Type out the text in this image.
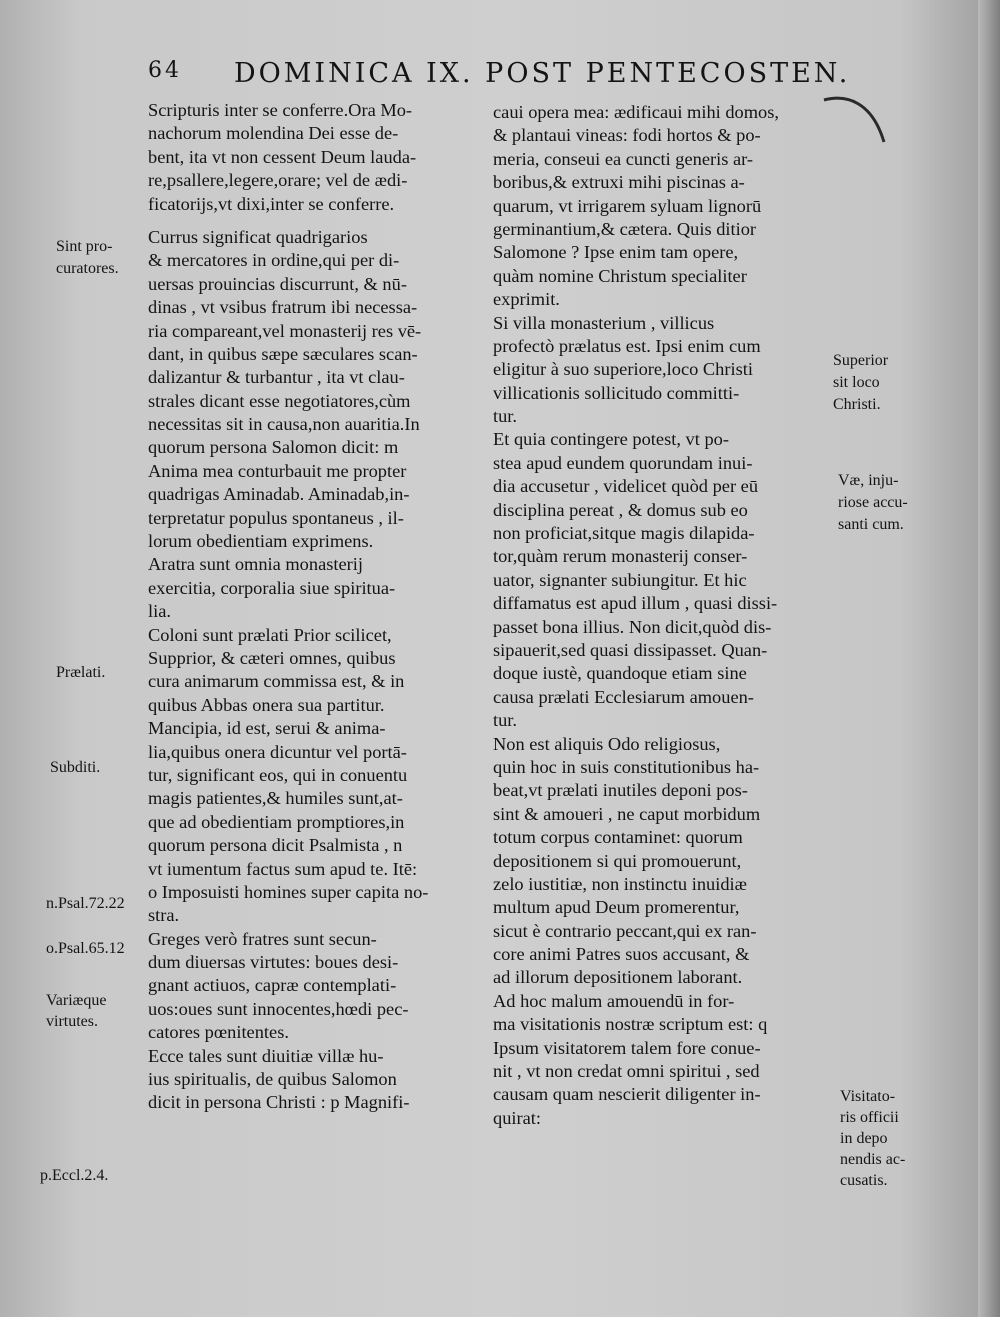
64 DOMINICA IX. POST PENTECOSTEN.
Scripturis inter se conferre.Ora Mo-
nachorum molendina Dei esse de-
bent, ita vt non cessent Deum lauda-
re,psallere,legere,orare; vel de ædi-
ficatorijs,vt dixi,inter se conferre.
Currus significat quadrigarios
& mercatores in ordine,qui per di-
uersas prouincias discurrunt, & nū-
dinas , vt vsibus fratrum ibi necessa-
ria compareant,vel monasterij res vē-
dant, in quibus sæpe sæculares scan-
dalizantur & turbantur , ita vt clau-
strales dicant esse negotiatores,cùm
necessitas sit in causa,non auaritia.In
quorum persona Salomon dicit: m
Anima mea conturbauit me propter
quadrigas Aminadab. Aminadab,in-
terpretatur populus spontaneus , il-
lorum obedientiam exprimens.
Aratra sunt omnia monasterij
exercitia, corporalia siue spiritua-
lia.
Coloni sunt prælati Prior scilicet,
Supprior, & cæteri omnes, quibus
cura animarum commissa est, & in
quibus Abbas onera sua partitur.
Mancipia, id est, serui & anima-
lia,quibus onera dicuntur vel portā-
tur, significant eos, qui in conuentu
magis patientes,& humiles sunt,at-
que ad obedientiam promptiores,in
quorum persona dicit Psalmista , n
vt iumentum factus sum apud te. Itē:
o Imposuisti homines super capita no-
stra.
Greges verò fratres sunt secun-
dum diuersas virtutes: boues desi-
gnant actiuos, capræ contemplati-
uos:oues sunt innocentes,hœdi pec-
catores pœnitentes.
Ecce tales sunt diuitiæ villæ hu-
ius spiritualis, de quibus Salomon
dicit in persona Christi : p Magnifi-
caui opera mea: ædificaui mihi domos,
& plantaui vineas: fodi hortos & po-
meria, conseui ea cuncti generis ar-
boribus,& extruxi mihi piscinas a-
quarum, vt irrigarem syluam lignorū
germinantium,& cætera. Quis ditior
Salomone ? Ipse enim tam opere,
quàm nomine Christum specialiter
exprimit.
Si villa monasterium , villicus
profectò prælatus est. Ipsi enim cum
eligitur à suo superiore,loco Christi
villicationis sollicitudo committi-
tur.
Et quia contingere potest, vt po-
stea apud eundem quorundam inui-
dia accusetur , videlicet quòd per eū
disciplina pereat , & domus sub eo
non proficiat,sitque magis dilapida-
tor,quàm rerum monasterij conser-
uator, signanter subiungitur. Et hic
diffamatus est apud illum , quasi dissi-
passet bona illius. Non dicit,quòd dis-
sipauerit,sed quasi dissipasset. Quan-
doque iustè, quandoque etiam sine
causa prælati Ecclesiarum amouen-
tur.
Non est aliquis Odo religiosus,
quin hoc in suis constitutionibus ha-
beat,vt prælati inutiles deponi pos-
sint & amoueri , ne caput morbidum
totum corpus contaminet: quorum
depositionem si qui promouerunt,
zelo iustitiæ, non instinctu inuidiæ
multum apud Deum promerentur,
sicut è contrario peccant,qui ex ran-
core animi Patres suos accusant, &
ad illorum depositionem laborant.
Ad hoc malum amouendū in for-
ma visitationis nostræ scriptum est: q
Ipsum visitatorem talem fore conue-
nit , vt non credat omni spiritui , sed
causam quam nescierit diligenter in-
quirat:
Sint pro-
curatores.
Prælati.
Subditi.
n.Psal.72.22
o.Psal.65.12
Variæque
virtutes.
p.Eccl.2.4.
Superior
sit loco
Christi.
Væ, inju-
riose accu-
santi cum.
Visitato-
ris officii
in depo
nendis ac-
cusatis.
